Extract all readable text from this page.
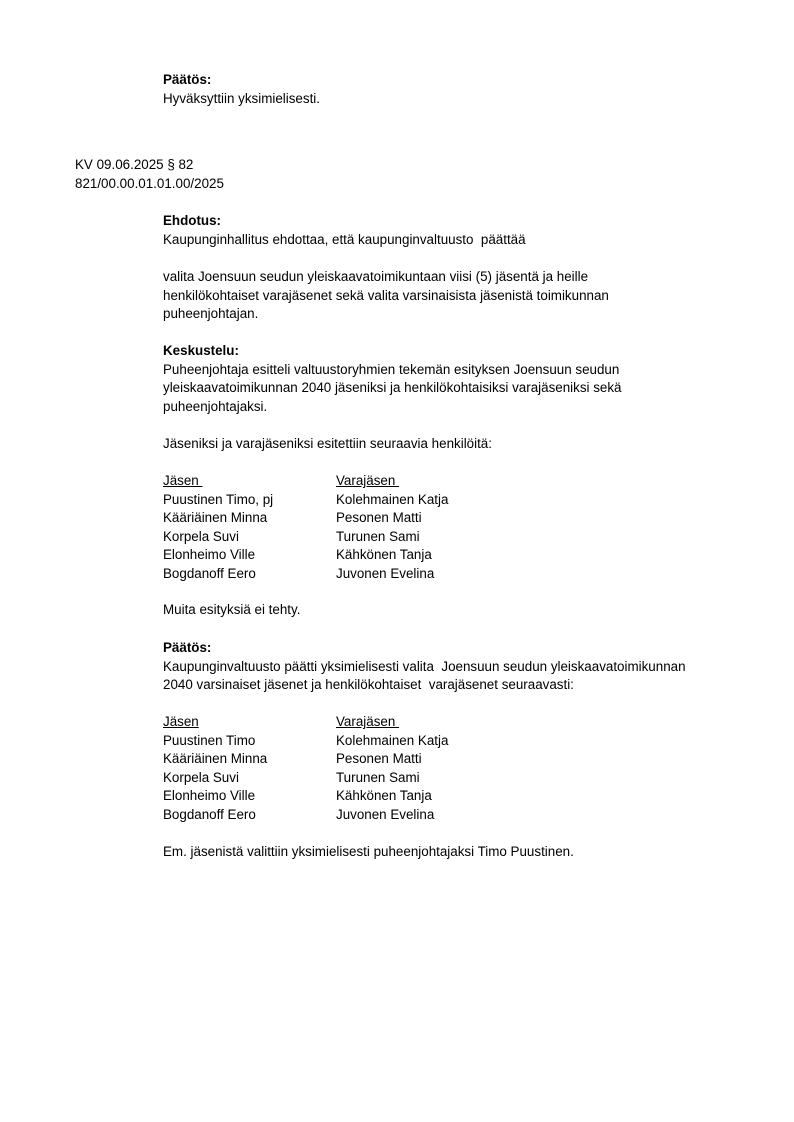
Päätös:
Hyväksyttiin yksimielisesti.
KV 09.06.2025 § 82
821/00.00.01.01.00/2025
Ehdotus:
Kaupunginhallitus ehdottaa, että kaupunginvaltuusto  päättää
valita Joensuun seudun yleiskaavatoimikuntaan viisi (5) jäsentä ja heille
henkilökohtaiset varajäsenet sekä valita varsinaisista jäsenistä toimikunnan
puheenjohtajan.
Keskustelu:
Puheenjohtaja esitteli valtuustoryhmien tekemän esityksen Joensuun seudun
yleiskaavatoimikunnan 2040 jäseniksi ja henkilökohtaisiksi varajäseniksi sekä
puheenjohtajaksi.
Jäseniksi ja varajäseniksi esitettiin seuraavia henkilöitä:
Jäsen	Varajäsen
Puustinen Timo, pj	Kolehmainen Katja
Kääriäinen Minna	Pesonen Matti
Korpela Suvi	Turunen Sami
Elonheimo Ville	Kähkönen Tanja
Bogdanoff Eero	Juvonen Evelina
Muita esityksiä ei tehty.
Päätös:
Kaupunginvaltuusto päätti yksimielisesti valita  Joensuun seudun yleiskaavatoimikunnan
2040 varsinaiset jäsenet ja henkilökohtaiset  varajäsenet seuraavasti:
Jäsen	Varajäsen
Puustinen Timo	Kolehmainen Katja
Kääriäinen Minna	Pesonen Matti
Korpela Suvi	Turunen Sami
Elonheimo Ville	Kähkönen Tanja
Bogdanoff Eero	Juvonen Evelina
Em. jäsenistä valittiin yksimielisesti puheenjohtajaksi Timo Puustinen.
